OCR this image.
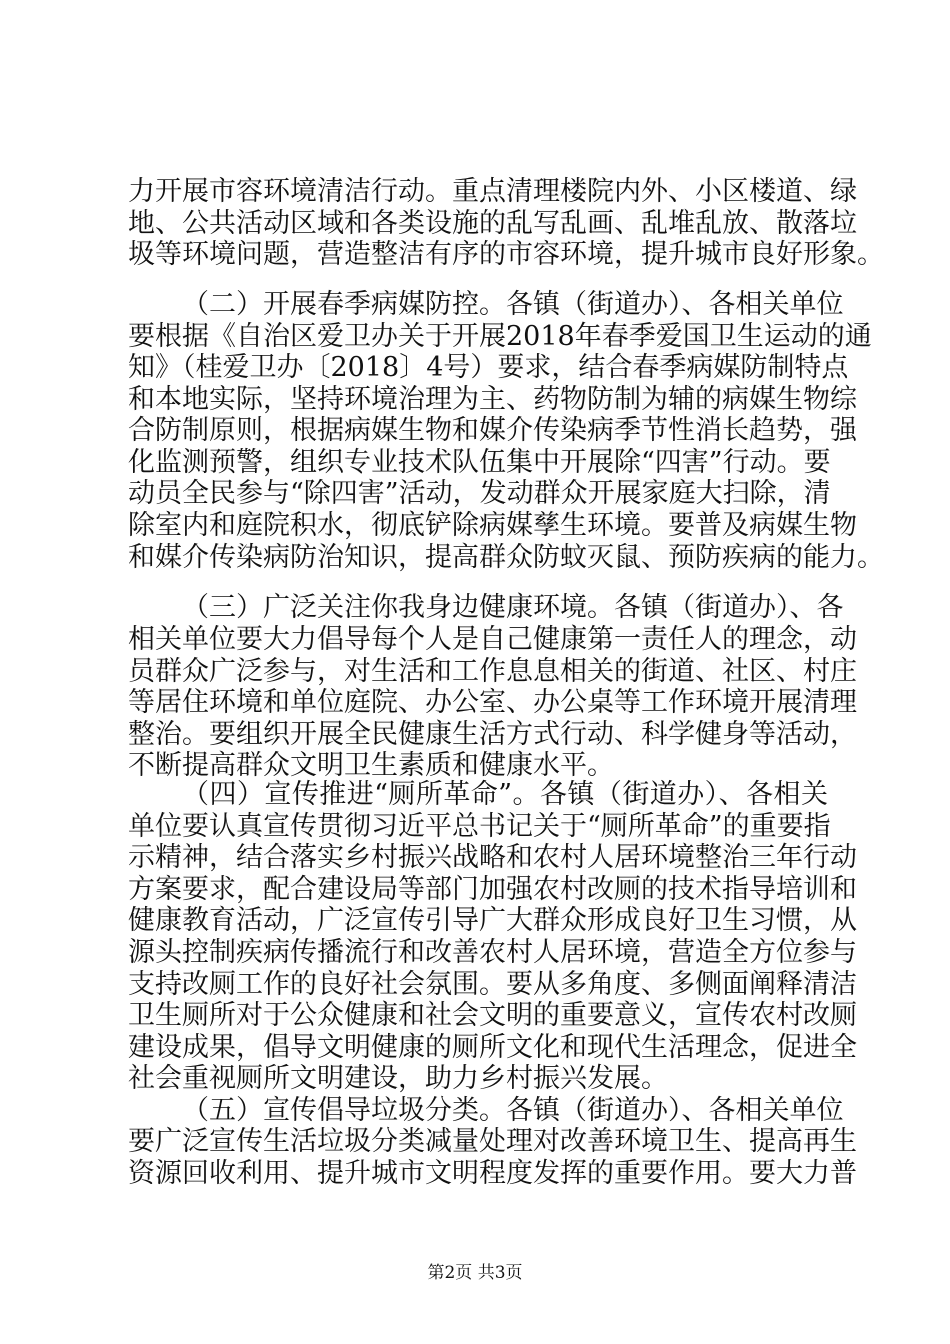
力开展市容环境清洁行动。重点清理楼院内外、小区楼道、绿
地、公共活动区域和各类设施的乱写乱画、乱堆乱放、散落垃
圾等环境问题，营造整洁有序的市容环境，提升城市良好形象。
（二）开展春季病媒防控。各镇（街道办）、各相关单位
要根据《自治区爱卫办关于开展2018年春季爱国卫生运动的通
知》（桂爱卫办〔2018〕4号）要求，结合春季病媒防制特点
和本地实际，坚持环境治理为主、药物防制为辅的病媒生物综
合防制原则，根据病媒生物和媒介传染病季节性消长趋势，强
化监测预警，组织专业技术队伍集中开展除“四害”行动。要
动员全民参与“除四害”活动，发动群众开展家庭大扫除，清
除室内和庭院积水，彻底铲除病媒孳生环境。要普及病媒生物
和媒介传染病防治知识，提高群众防蚊灭鼠、预防疾病的能力。
（三）广泛关注你我身边健康环境。各镇（街道办）、各
相关单位要大力倡导每个人是自己健康第一责任人的理念，动
员群众广泛参与，对生活和工作息息相关的街道、社区、村庄
等居住环境和单位庭院、办公室、办公桌等工作环境开展清理
整治。要组织开展全民健康生活方式行动、科学健身等活动，
不断提高群众文明卫生素质和健康水平。
（四）宣传推进“厕所革命”。各镇（街道办）、各相关
单位要认真宣传贯彻习近平总书记关于“厕所革命”的重要指
示精神，结合落实乡村振兴战略和农村人居环境整治三年行动
方案要求，配合建设局等部门加强农村改厕的技术指导培训和
健康教育活动，广泛宣传引导广大群众形成良好卫生习惯，从
源头控制疾病传播流行和改善农村人居环境，营造全方位参与
支持改厕工作的良好社会氛围。要从多角度、多侧面阐释清洁
卫生厕所对于公众健康和社会文明的重要意义，宣传农村改厕
建设成果，倡导文明健康的厕所文化和现代生活理念，促进全
社会重视厕所文明建设，助力乡村振兴发展。
（五）宣传倡导垃圾分类。各镇（街道办）、各相关单位
要广泛宣传生活垃圾分类减量处理对改善环境卫生、提高再生
资源回收利用、提升城市文明程度发挥的重要作用。要大力普
第2页 共3页
